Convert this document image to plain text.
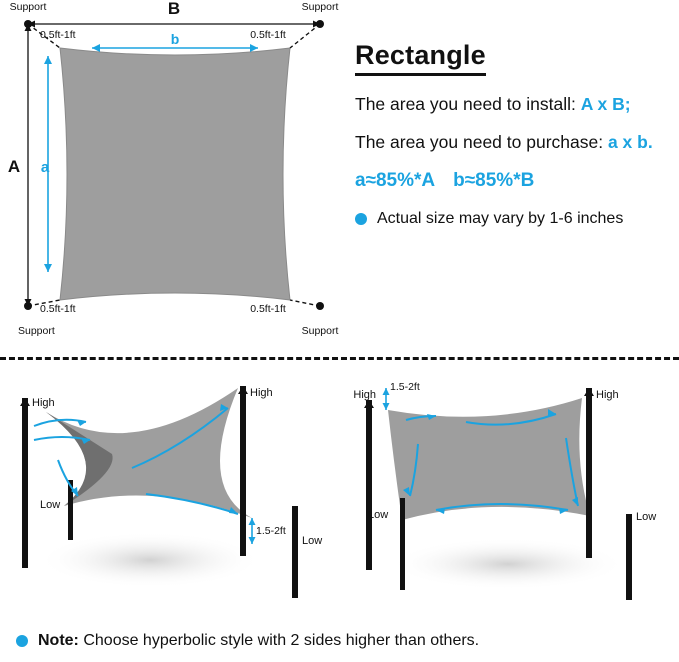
Support	Support
Support	Support
0.5ft-1ft	0.5ft-1ft
0.5ft-1ft	0.5ft-1ft
B
b
A a
Rectangle

The area you need to install: A x B;

The area you need to purchase: a x b.

a≈85%*A b≈85%*B

Actual size may vary by 1-6 inches
High
High
Low
Low
1.5-2ft
High	High
Low	Low
1.5-2ft
Note: Choose hyperbolic style with 2 sides higher than others.
